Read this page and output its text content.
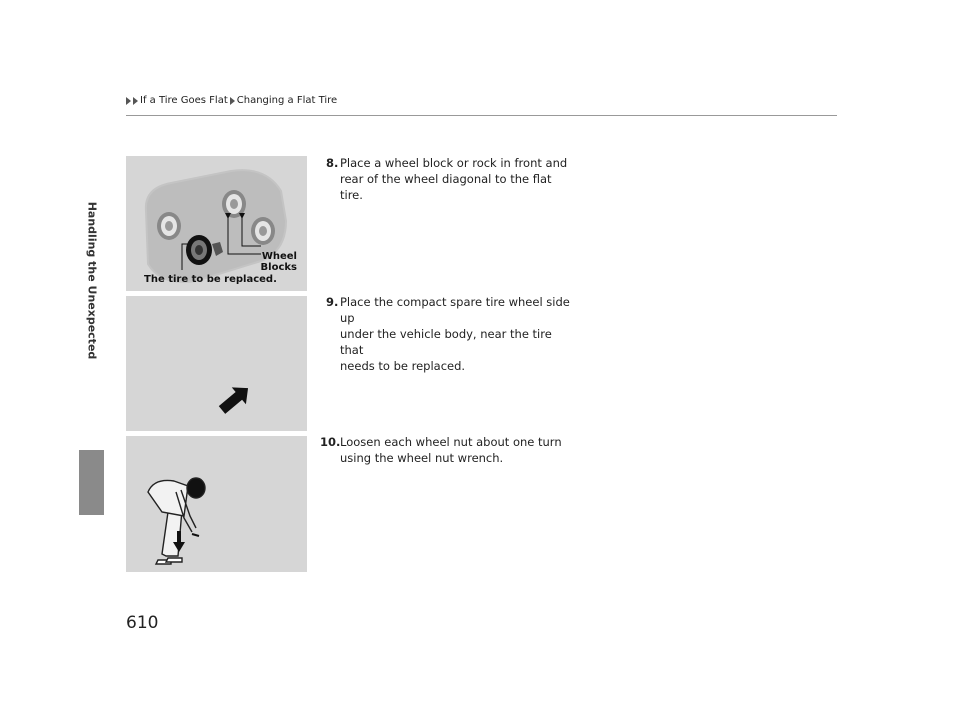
If a Tire Goes Flat Changing a Flat Tire
Handling the Unexpected
610
The tire to be replaced.
Wheel
Blocks
8. Place a wheel block or rock in front and
rear of the wheel diagonal to the flat tire.
9. Place the compact spare tire wheel side up
under the vehicle body, near the tire that
needs to be replaced.
10. Loosen each wheel nut about one turn
using the wheel nut wrench.
